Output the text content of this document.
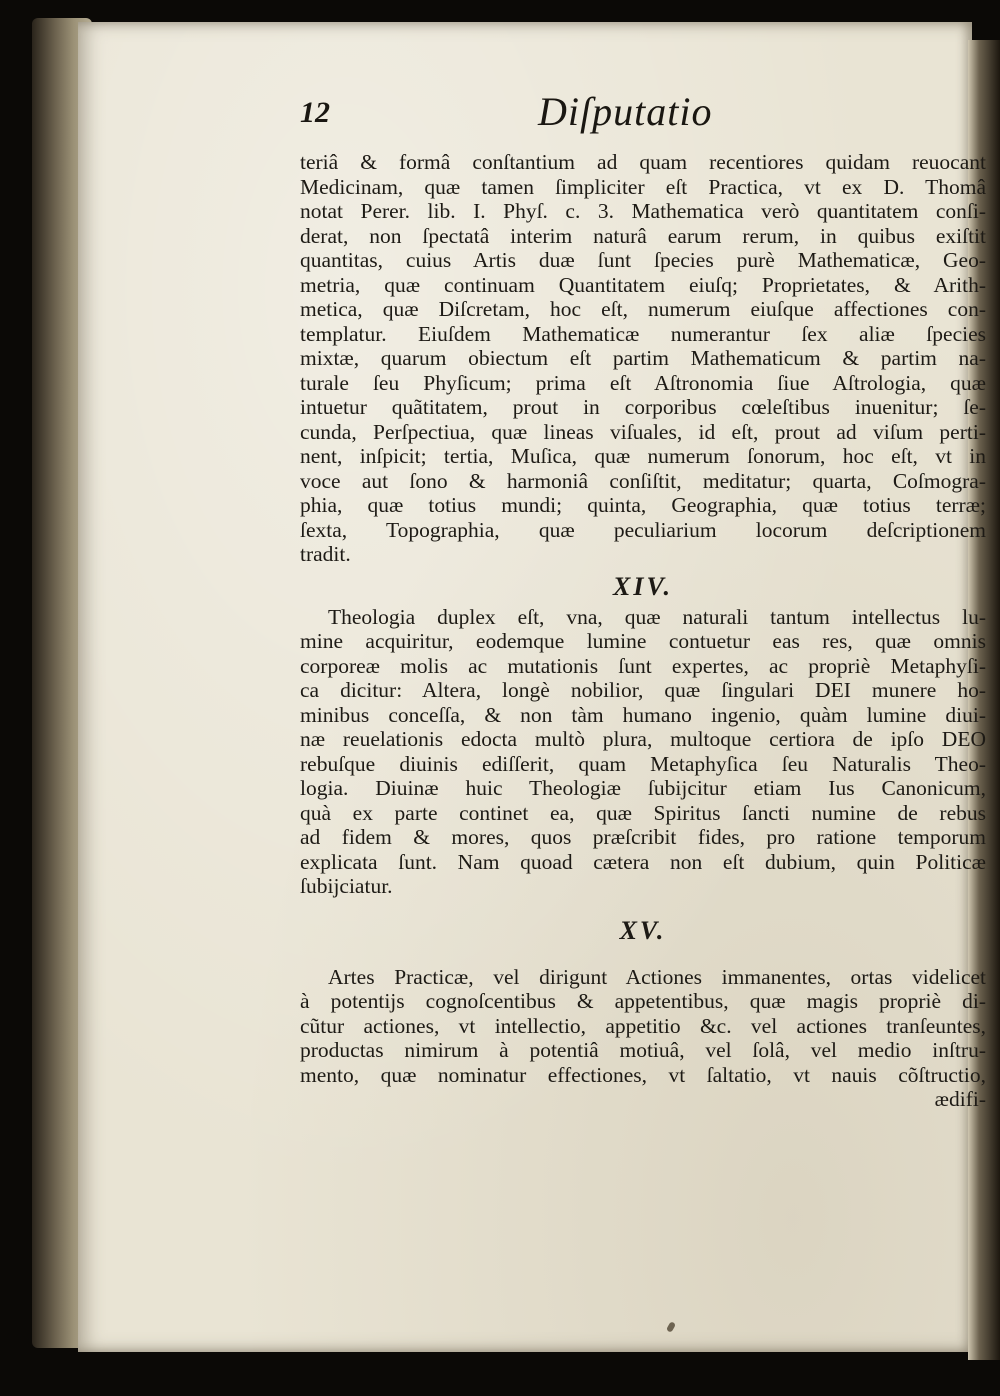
12	Diſputatio
teriâ & formâ conſtantium ad quam recentiores quidam reuocant
Medicinam, quæ tamen ſimpliciter eſt Practica, vt ex D. Thomâ
notat Perer. lib. I. Phyſ. c. 3. Mathematica verò quantitatem conſi-
derat, non ſpectatâ interim naturâ earum rerum, in quibus exiſtit
quantitas, cuius Artis duæ ſunt ſpecies purè Mathematicæ, Geo-
metria, quæ continuam Quantitatem eiuſq; Proprietates, & Arith-
metica, quæ Diſcretam, hoc eſt, numerum eiuſque affectiones con-
templatur. Eiuſdem Mathematicæ numerantur ſex aliæ ſpecies
mixtæ, quarum obiectum eſt partim Mathematicum & partim na-
turale ſeu Phyſicum; prima eſt Aſtronomia ſiue Aſtrologia, quæ
intuetur quãtitatem, prout in corporibus cœleſtibus inuenitur; ſe-
cunda, Perſpectiua, quæ lineas viſuales, id eſt, prout ad viſum perti-
nent, inſpicit; tertia, Muſica, quæ numerum ſonorum, hoc eſt, vt in
voce aut ſono & harmoniâ conſiſtit, meditatur; quarta, Coſmogra-
phia, quæ totius mundi; quinta, Geographia, quæ totius terræ;
ſexta, Topographia, quæ peculiarium locorum deſcriptionem
tradit.
XIV.
Theologia duplex eſt, vna, quæ naturali tantum intellectus lu-
mine acquiritur, eodemque lumine contuetur eas res, quæ omnis
corporeæ molis ac mutationis ſunt expertes, ac propriè Metaphyſi-
ca dicitur: Altera, longè nobilior, quæ ſingulari DEI munere ho-
minibus conceſſa, & non tàm humano ingenio, quàm lumine diui-
næ reuelationis edocta multò plura, multoque certiora de ipſo DEO
rebuſque diuinis ediſſerit, quam Metaphyſica ſeu Naturalis Theo-
logia. Diuinæ huic Theologiæ ſubijcitur etiam Ius Canonicum,
quà ex parte continet ea, quæ Spiritus ſancti numine de rebus
ad fidem & mores, quos præſcribit fides, pro ratione temporum
explicata ſunt. Nam quoad cætera non eſt dubium, quin Politicæ
ſubijciatur.
XV.
Artes Practicæ, vel dirigunt Actiones immanentes, ortas videlicet
à potentijs cognoſcentibus & appetentibus, quæ magis propriè di-
cũtur actiones, vt intellectio, appetitio &c. vel actiones tranſeuntes,
productas nimirum à potentiâ motiuâ, vel ſolâ, vel medio inſtru-
mento, quæ nominatur effectiones, vt ſaltatio, vt nauis cõſtructio,
ædifi-
